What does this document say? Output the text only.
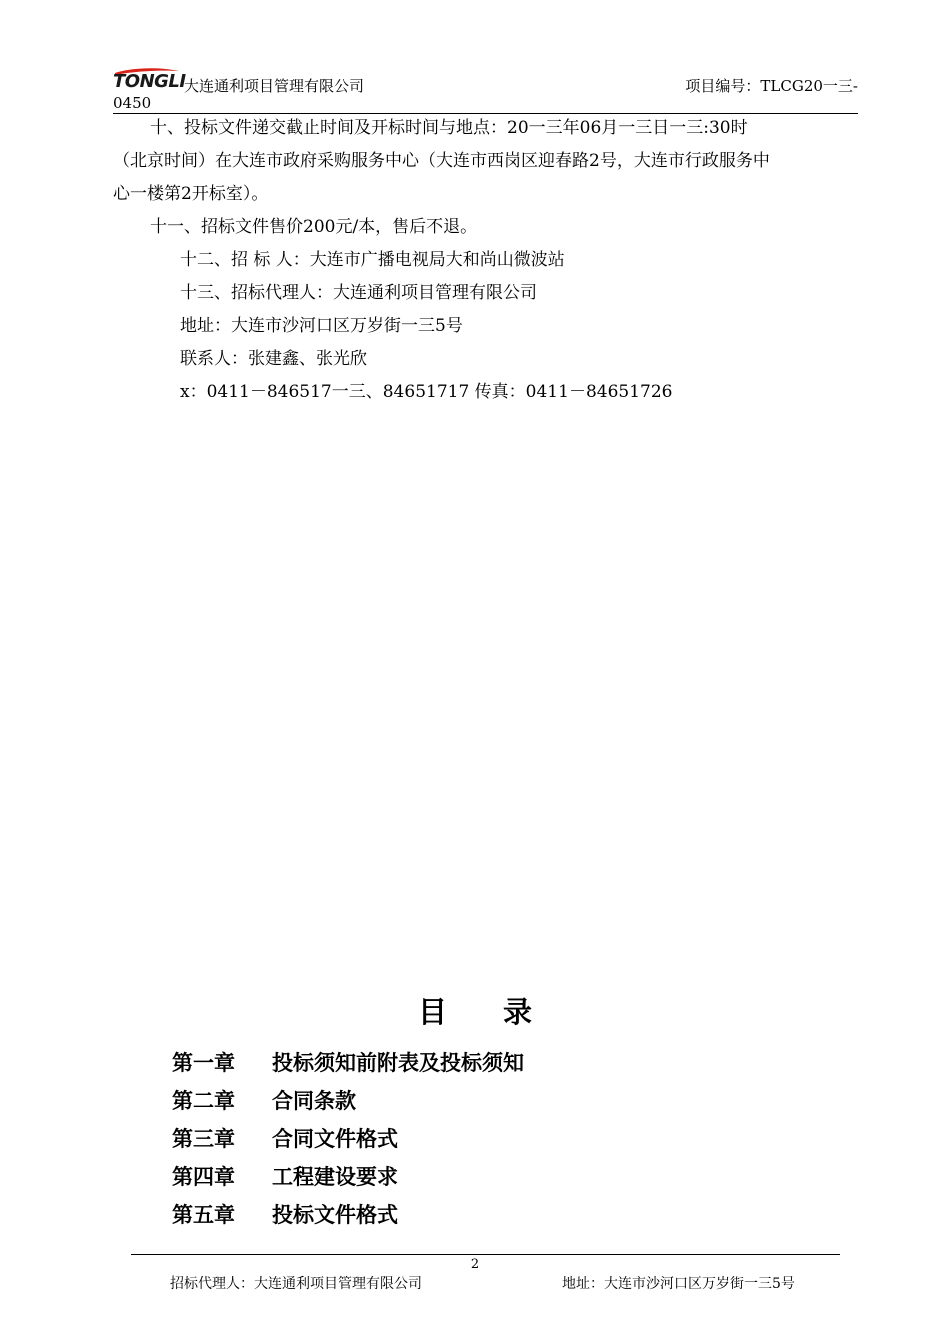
TONGLI
大连通利项目管理有限公司	项目编号：TLCG20一三-
0450
十、投标文件递交截止时间及开标时间与地点：20一三年06月一三日一三:30时
（北京时间）在大连市政府采购服务中心（大连市西岗区迎春路2号，大连市行政服务中
心一楼第2开标室）。
十一、招标文件售价200元/本，售后不退。
十二、招 标 人：大连市广播电视局大和尚山微波站
十三、招标代理人：大连通利项目管理有限公司
地址：大连市沙河口区万岁街一三5号
联系人：张建鑫、张光欣
x：0411－846517一三、84651717 传真：0411－84651726
目录
第一章 投标须知前附表及投标须知
第二章 合同条款
第三章 合同文件格式
第四章 工程建设要求
第五章 投标文件格式
2
招标代理人：大连通利项目管理有限公司	地址：大连市沙河口区万岁街一三5号
